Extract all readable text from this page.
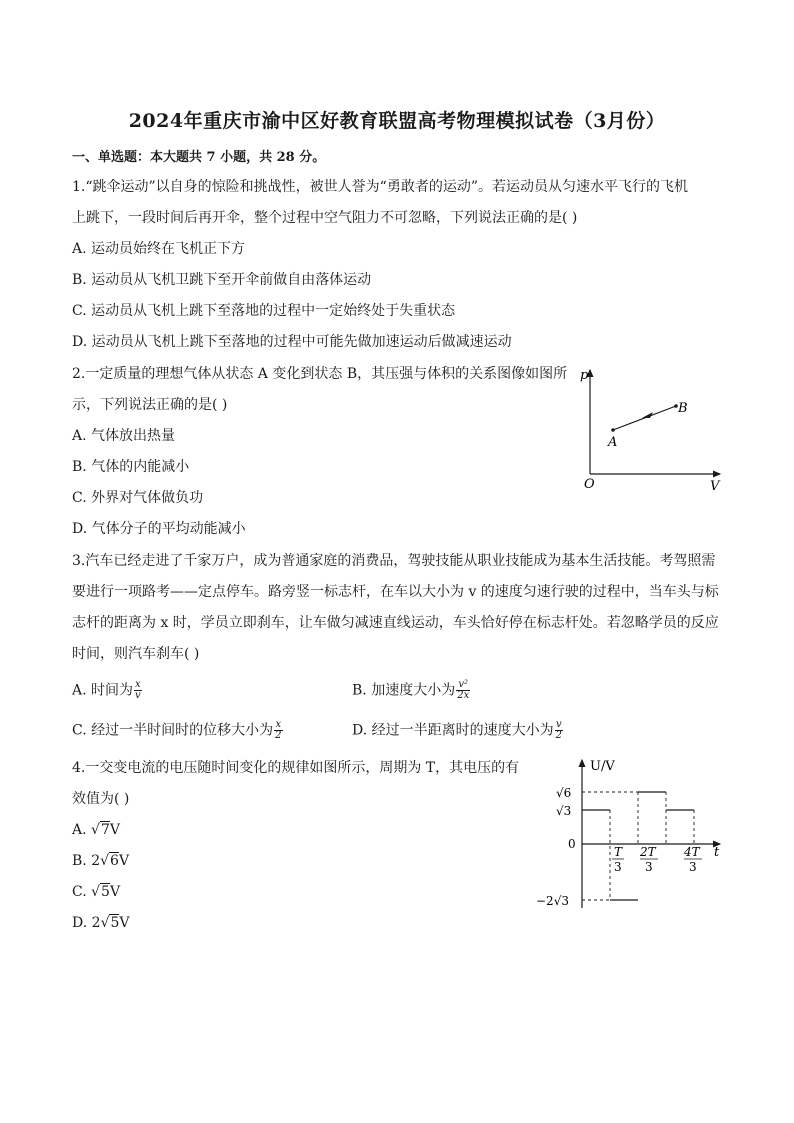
2024年重庆市渝中区好教育联盟高考物理模拟试卷（3月份）
一、单选题：本大题共 7 小题，共 28 分。
1.“跳伞运动”以自身的惊险和挑战性，被世人誉为“勇敢者的运动”。若运动员从匀速水平飞行的飞机
上跳下，一段时间后再开伞，整个过程中空气阻力不可忽略，下列说法正确的是( )
A. 运动员始终在飞机正下方
B. 运动员从飞机卫跳下至开伞前做自由落体运动
C. 运动员从飞机上跳下至落地的过程中一定始终处于失重状态
D. 运动员从飞机上跳下至落地的过程中可能先做加速运动后做减速运动
2.一定质量的理想气体从状态 A 变化到状态 B，其压强与体积的关系图像如图所
示，下列说法正确的是( )
A. 气体放出热量
B. 气体的内能减小
C. 外界对气体做负功
D. 气体分子的平均动能减小
p
V
O
A
B
3.汽车已经走进了千家万户，成为普通家庭的消费品，驾驶技能从职业技能成为基本生活技能。考驾照需
要进行一项路考——定点停车。路旁竖一标志杆，在车以大小为 v 的速度匀速行驶的过程中，当车头与标
志杆的距离为 x 时，学员立即刹车，让车做匀减速直线运动，车头恰好停在标志杆处。若忽略学员的反应
时间，则汽车刹车( )
A. 时间为 $\frac{x}{v}$	B. 加速度大小为 $\frac{\text{v²}}{2x}$
C. 经过一半时间时的位移大小为 $\frac{x}{2}$	D. 经过一半距离时的速度大小为 $\frac{v}{2}$
4.一交变电流的电压随时间变化的规律如图所示，周期为 T，其电压的有
效值为( )
A. √7V
B. 2√6V
C. √5V
D. 2√5V
U/V
t
0
√6
√3
−2√3
T
3
2T
3
4T
3
